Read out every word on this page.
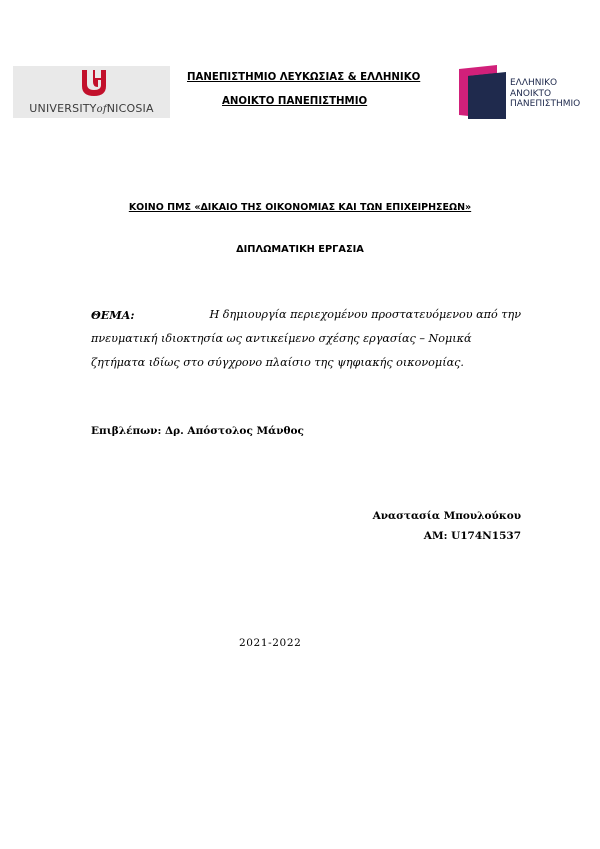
UNIVERSITYofNICOSIA
ΠΑΝΕΠΙΣΤΗΜΙΟ ΛΕΥΚΩΣΙΑΣ & ΕΛΛΗΝΙΚΟ
ΑΝΟΙΚΤΟ ΠΑΝΕΠΙΣΤΗΜΙΟ
ΕΛΛΗΝΙΚΟ
ΑΝΟΙΚΤΟ
ΠΑΝΕΠΙΣΤΗΜΙΟ
ΚΟΙΝΟ ΠΜΣ «ΔΙΚΑΙΟ ΤΗΣ ΟΙΚΟΝΟΜΙΑΣ ΚΑΙ ΤΩΝ ΕΠΙΧΕΙΡΗΣΕΩΝ»
ΔΙΠΛΩΜΑΤΙΚΗ ΕΡΓΑΣΙΑ
ΘΕΜΑ:	Η δημιουργία περιεχομένου προστατευόμενου από την
πνευματική ιδιοκτησία ως αντικείμενο σχέσης εργασίας – Νομικά
ζητήματα ιδίως στο σύγχρονο πλαίσιο της ψηφιακής οικονομίας.
Επιβλέπων: Δρ. Απόστολος Μάνθος
Αναστασία Μπουλούκου
ΑΜ: U174N1537
2021-2022
